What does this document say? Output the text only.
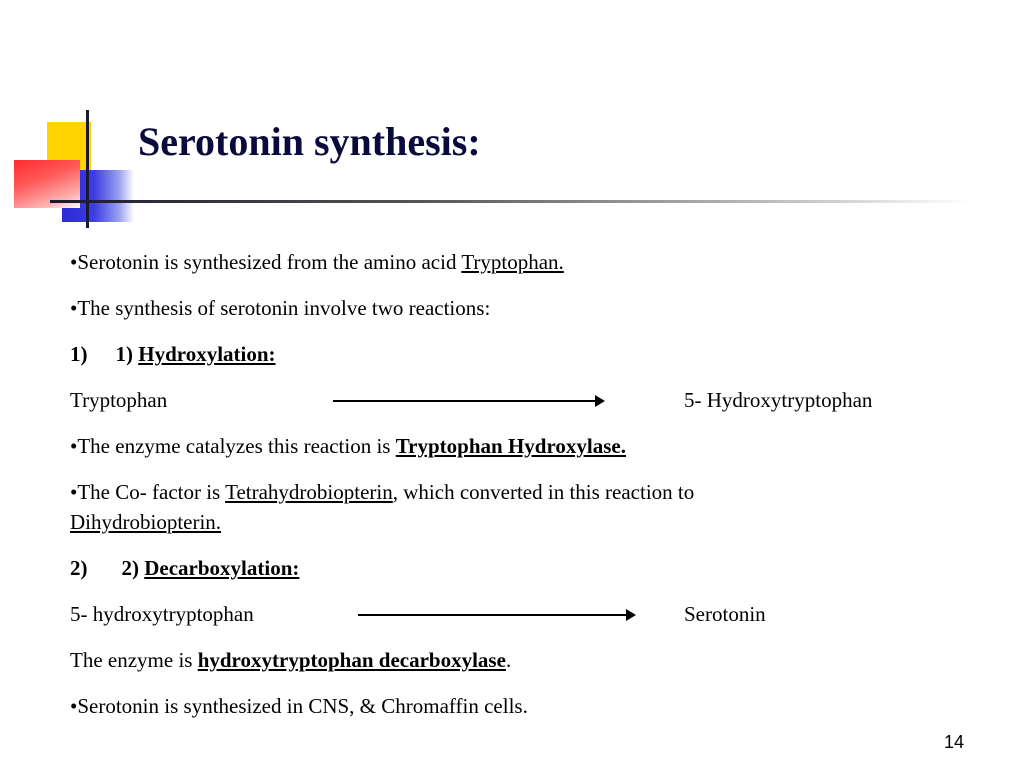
Serotonin synthesis:
•Serotonin is synthesized from the amino acid Tryptophan.
•The synthesis of serotonin involve two reactions:
1) 1) Hydroxylation:
Tryptophan	5- Hydroxytryptophan
•The enzyme catalyzes this reaction is Tryptophan Hydroxylase.
•The Co- factor is Tetrahydrobiopterin, which converted in this reaction to
Dihydrobiopterin.
2) 2) Decarboxylation:
5- hydroxytryptophan	Serotonin
The enzyme is hydroxytryptophan decarboxylase.
•Serotonin is synthesized in CNS, & Chromaffin cells.
14
